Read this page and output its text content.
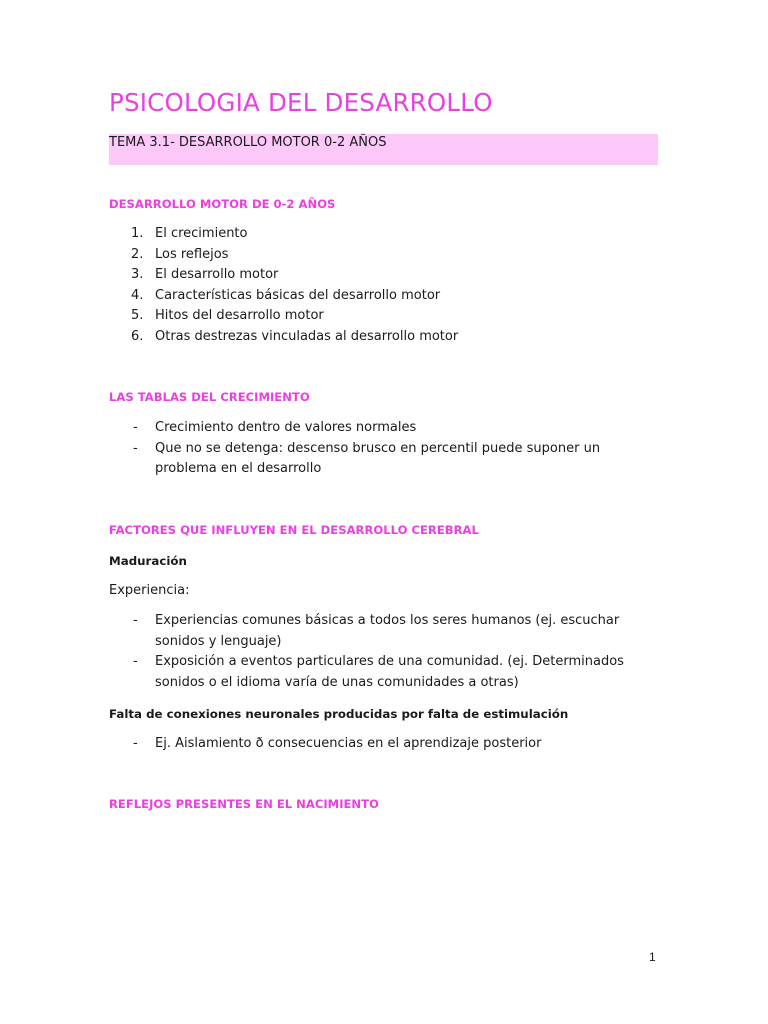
PSICOLOGIA DEL DESARROLLO
TEMA 3.1- DESARROLLO MOTOR 0-2 AÑOS
DESARROLLO MOTOR DE 0-2 AÑOS
1. El crecimiento
2. Los reflejos
3. El desarrollo motor
4. Características básicas del desarrollo motor
5. Hitos del desarrollo motor
6. Otras destrezas vinculadas al desarrollo motor
LAS TABLAS DEL CRECIMIENTO
- Crecimiento dentro de valores normales
- Que no se detenga: descenso brusco en percentil puede suponer un problema en el desarrollo
FACTORES QUE INFLUYEN EN EL DESARROLLO CEREBRAL
Maduración

Experiencia:

- Experiencias comunes básicas a todos los seres humanos (ej. escuchar sonidos y lenguaje)
- Exposición a eventos particulares de una comunidad. (ej. Determinados sonidos o el idioma varía de unas comunidades a otras)
Falta de conexiones neuronales producidas por falta de estimulación
- Ej. Aislamiento ð consecuencias en el aprendizaje posterior
REFLEJOS PRESENTES EN EL NACIMIENTO
1
